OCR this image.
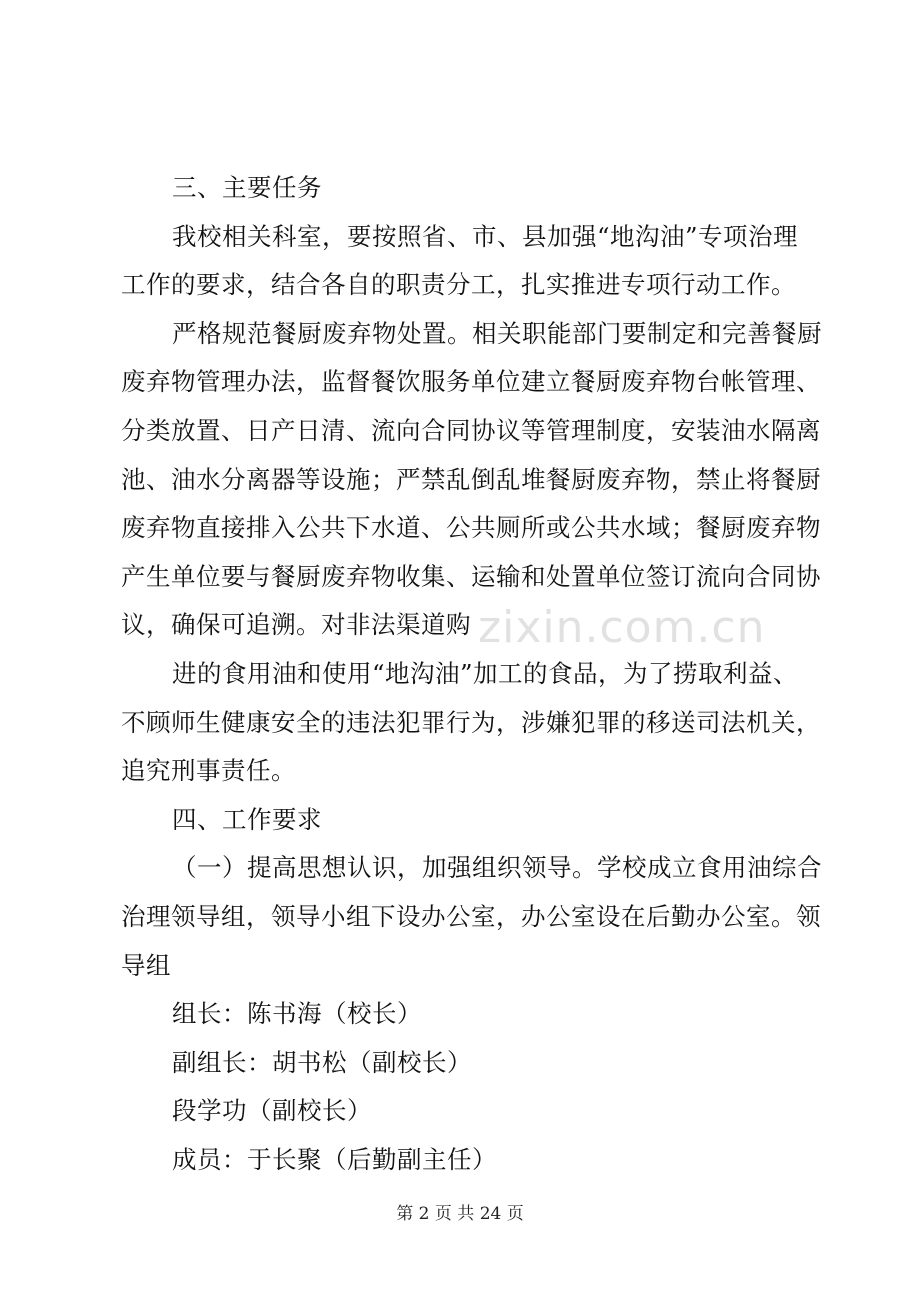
zixin.com.cn

三、主要任务

我校相关科室，要按照省、市、县加强“地沟油”专项治理

工作的要求，结合各自的职责分工，扎实推进专项行动工作。

严格规范餐厨废弃物处置。相关职能部门要制定和完善餐厨

废弃物管理办法，监督餐饮服务单位建立餐厨废弃物台帐管理、

分类放置、日产日清、流向合同协议等管理制度，安装油水隔离

池、油水分离器等设施；严禁乱倒乱堆餐厨废弃物，禁止将餐厨

废弃物直接排入公共下水道、公共厕所或公共水域；餐厨废弃物

产生单位要与餐厨废弃物收集、运输和处置单位签订流向合同协

议，确保可追溯。对非法渠道购

进的食用油和使用“地沟油”加工的食品，为了捞取利益、

不顾师生健康安全的违法犯罪行为，涉嫌犯罪的移送司法机关，

追究刑事责任。

四、工作要求

（一）提高思想认识，加强组织领导。学校成立食用油综合

治理领导组，领导小组下设办公室，办公室设在后勤办公室。领

导组

组长：陈书海（校长）

副组长：胡书松（副校长）

段学功（副校长）

成员：于长聚（后勤副主任）

第 2 页 共 24 页
